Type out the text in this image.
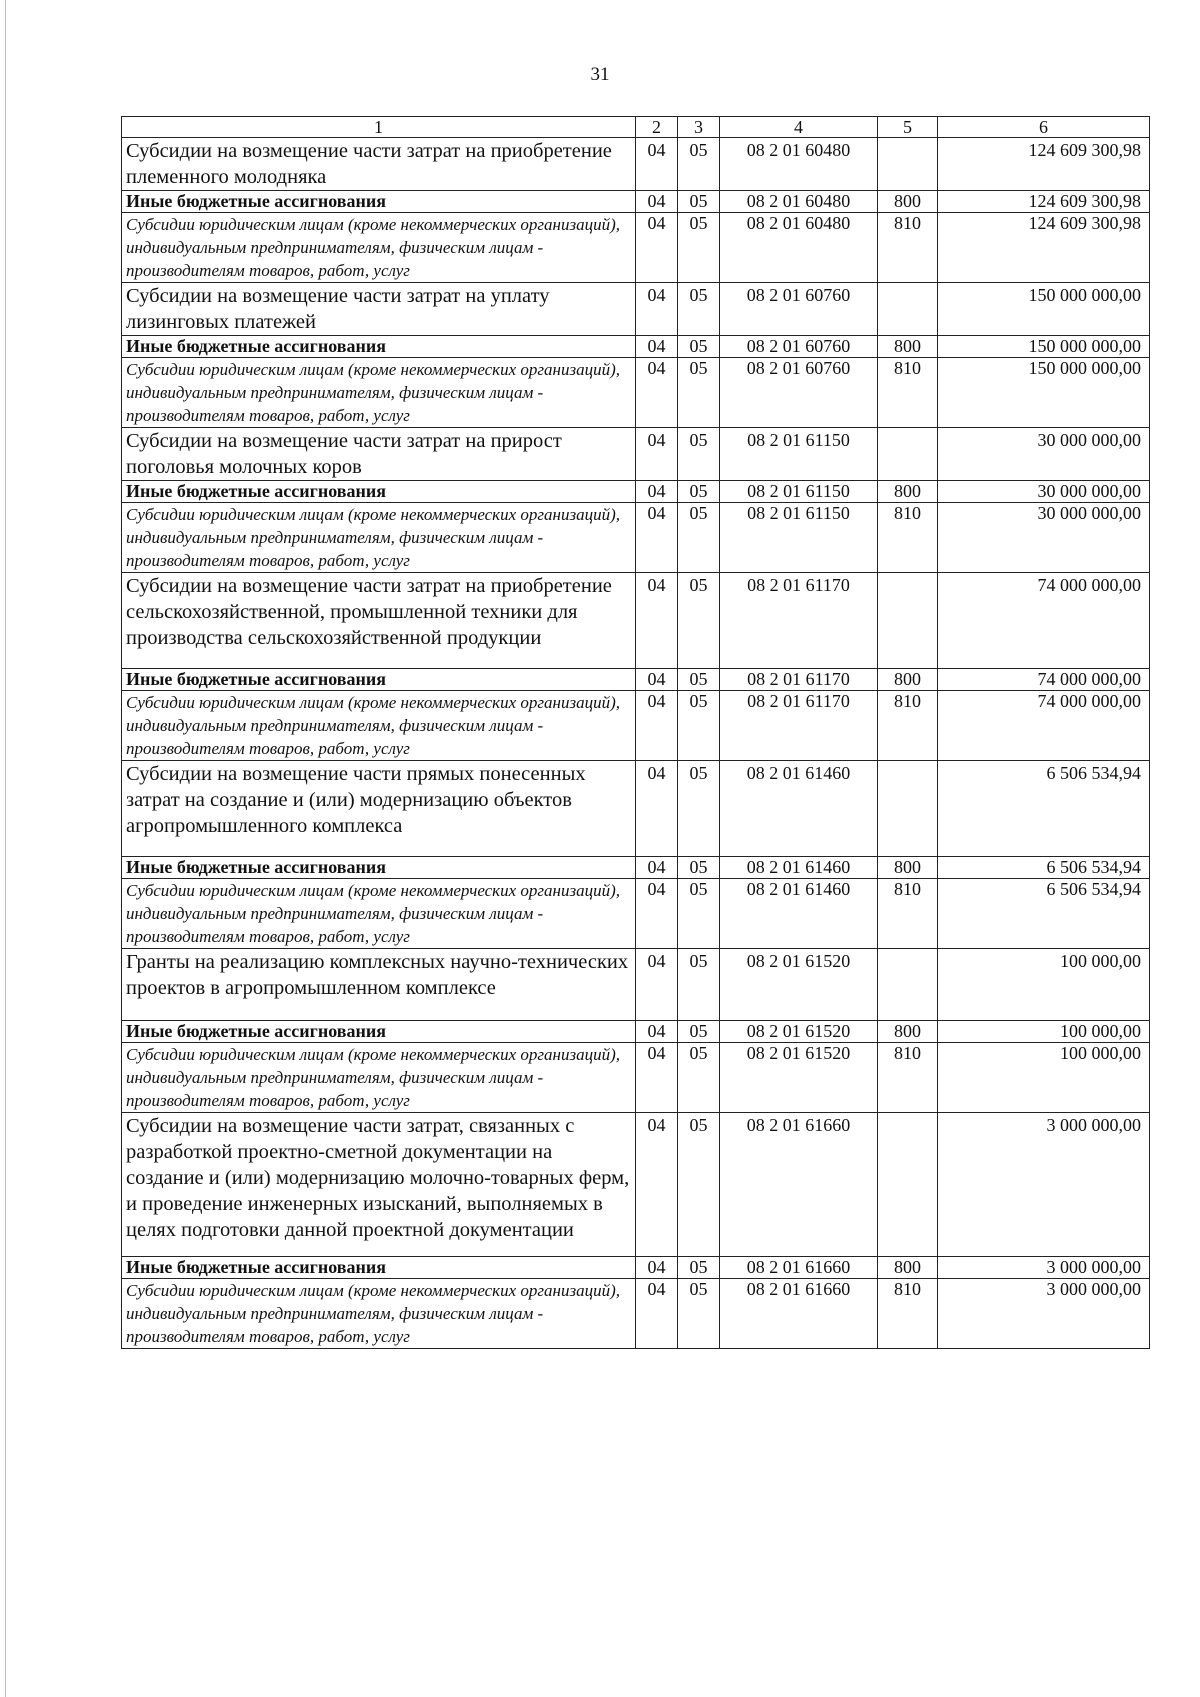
31
1	2	3	4	5	6
Субсидии на возмещение части затрат на приобретение племенного молодняка	04	05	08 2 01 60480		124 609 300,98
Иные бюджетные ассигнования	04	05	08 2 01 60480	800	124 609 300,98
Субсидии юридическим лицам (кроме некоммерческих организаций), индивидуальным предпринимателям, физическим лицам - производителям товаров, работ, услуг	04	05	08 2 01 60480	810	124 609 300,98
Субсидии на возмещение части затрат на уплату лизинговых платежей	04	05	08 2 01 60760		150 000 000,00
Иные бюджетные ассигнования	04	05	08 2 01 60760	800	150 000 000,00
Субсидии юридическим лицам (кроме некоммерческих организаций), индивидуальным предпринимателям, физическим лицам - производителям товаров, работ, услуг	04	05	08 2 01 60760	810	150 000 000,00
Субсидии на возмещение части затрат на прирост поголовья молочных коров	04	05	08 2 01 61150		30 000 000,00
Иные бюджетные ассигнования	04	05	08 2 01 61150	800	30 000 000,00
Субсидии юридическим лицам (кроме некоммерческих организаций), индивидуальным предпринимателям, физическим лицам - производителям товаров, работ, услуг	04	05	08 2 01 61150	810	30 000 000,00
Субсидии на возмещение части затрат на приобретение сельскохозяйственной, промышленной техники для производства сельскохозяйственной продукции	04	05	08 2 01 61170		74 000 000,00
Иные бюджетные ассигнования	04	05	08 2 01 61170	800	74 000 000,00
Субсидии юридическим лицам (кроме некоммерческих организаций), индивидуальным предпринимателям, физическим лицам - производителям товаров, работ, услуг	04	05	08 2 01 61170	810	74 000 000,00
Субсидии на возмещение части прямых понесенных затрат на создание и (или) модернизацию объектов агропромышленного комплекса	04	05	08 2 01 61460		6 506 534,94
Иные бюджетные ассигнования	04	05	08 2 01 61460	800	6 506 534,94
Субсидии юридическим лицам (кроме некоммерческих организаций), индивидуальным предпринимателям, физическим лицам - производителям товаров, работ, услуг	04	05	08 2 01 61460	810	6 506 534,94
Гранты на реализацию комплексных научно-технических проектов в агропромышленном комплексе	04	05	08 2 01 61520		100 000,00
Иные бюджетные ассигнования	04	05	08 2 01 61520	800	100 000,00
Субсидии юридическим лицам (кроме некоммерческих организаций), индивидуальным предпринимателям, физическим лицам - производителям товаров, работ, услуг	04	05	08 2 01 61520	810	100 000,00
Субсидии на возмещение части затрат, связанных с разработкой проектно-сметной документации на создание и (или) модернизацию молочно-товарных ферм, и проведение инженерных изысканий, выполняемых в целях подготовки данной проектной документации	04	05	08 2 01 61660		3 000 000,00
Иные бюджетные ассигнования	04	05	08 2 01 61660	800	3 000 000,00
Субсидии юридическим лицам (кроме некоммерческих организаций), индивидуальным предпринимателям, физическим лицам - производителям товаров, работ, услуг	04	05	08 2 01 61660	810	3 000 000,00
